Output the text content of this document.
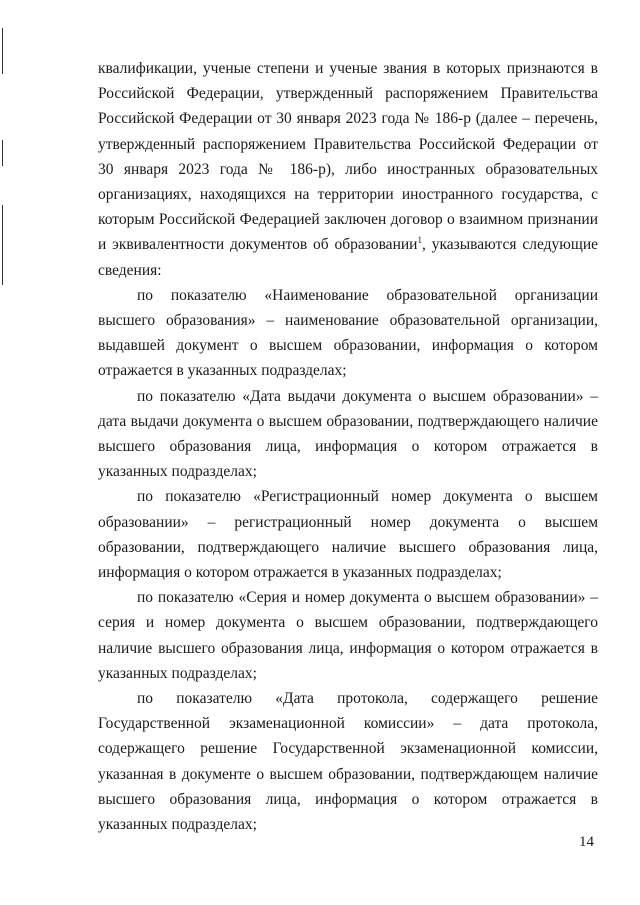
квалификации, ученые степени и ученые звания в которых признаются в Российской Федерации, утвержденный распоряжением Правительства Российской Федерации от 30 января 2023 года № 186-р (далее – перечень, утвержденный распоряжением Правительства Российской Федерации от 30 января 2023 года № 186-р), либо иностранных образовательных организациях, находящихся на территории иностранного государства, с которым Российской Федерацией заключен договор о взаимном признании и эквивалентности документов об образовании$^1$, указываются следующие сведения:

по показателю «Наименование образовательной организации высшего образования» – наименование образовательной организации, выдавшей документ о высшем образовании, информация о котором отражается в указанных подразделах;

по показателю «Дата выдачи документа о высшем образовании» – дата выдачи документа о высшем образовании, подтверждающего наличие высшего образования лица, информация о котором отражается в указанных подразделах;

по показателю «Регистрационный номер документа о высшем образовании» – регистрационный номер документа о высшем образовании, подтверждающего наличие высшего образования лица, информация о котором отражается в указанных подразделах;

по показателю «Серия и номер документа о высшем образовании» – серия и номер документа о высшем образовании, подтверждающего наличие высшего образования лица, информация о котором отражается в указанных подразделах;

по показателю «Дата протокола, содержащего решение Государственной экзаменационной комиссии» – дата протокола, содержащего решение Государственной экзаменационной комиссии, указанная в документе о высшем образовании, подтверждающем наличие высшего образования лица, информация о котором отражается в указанных подразделах;

14
